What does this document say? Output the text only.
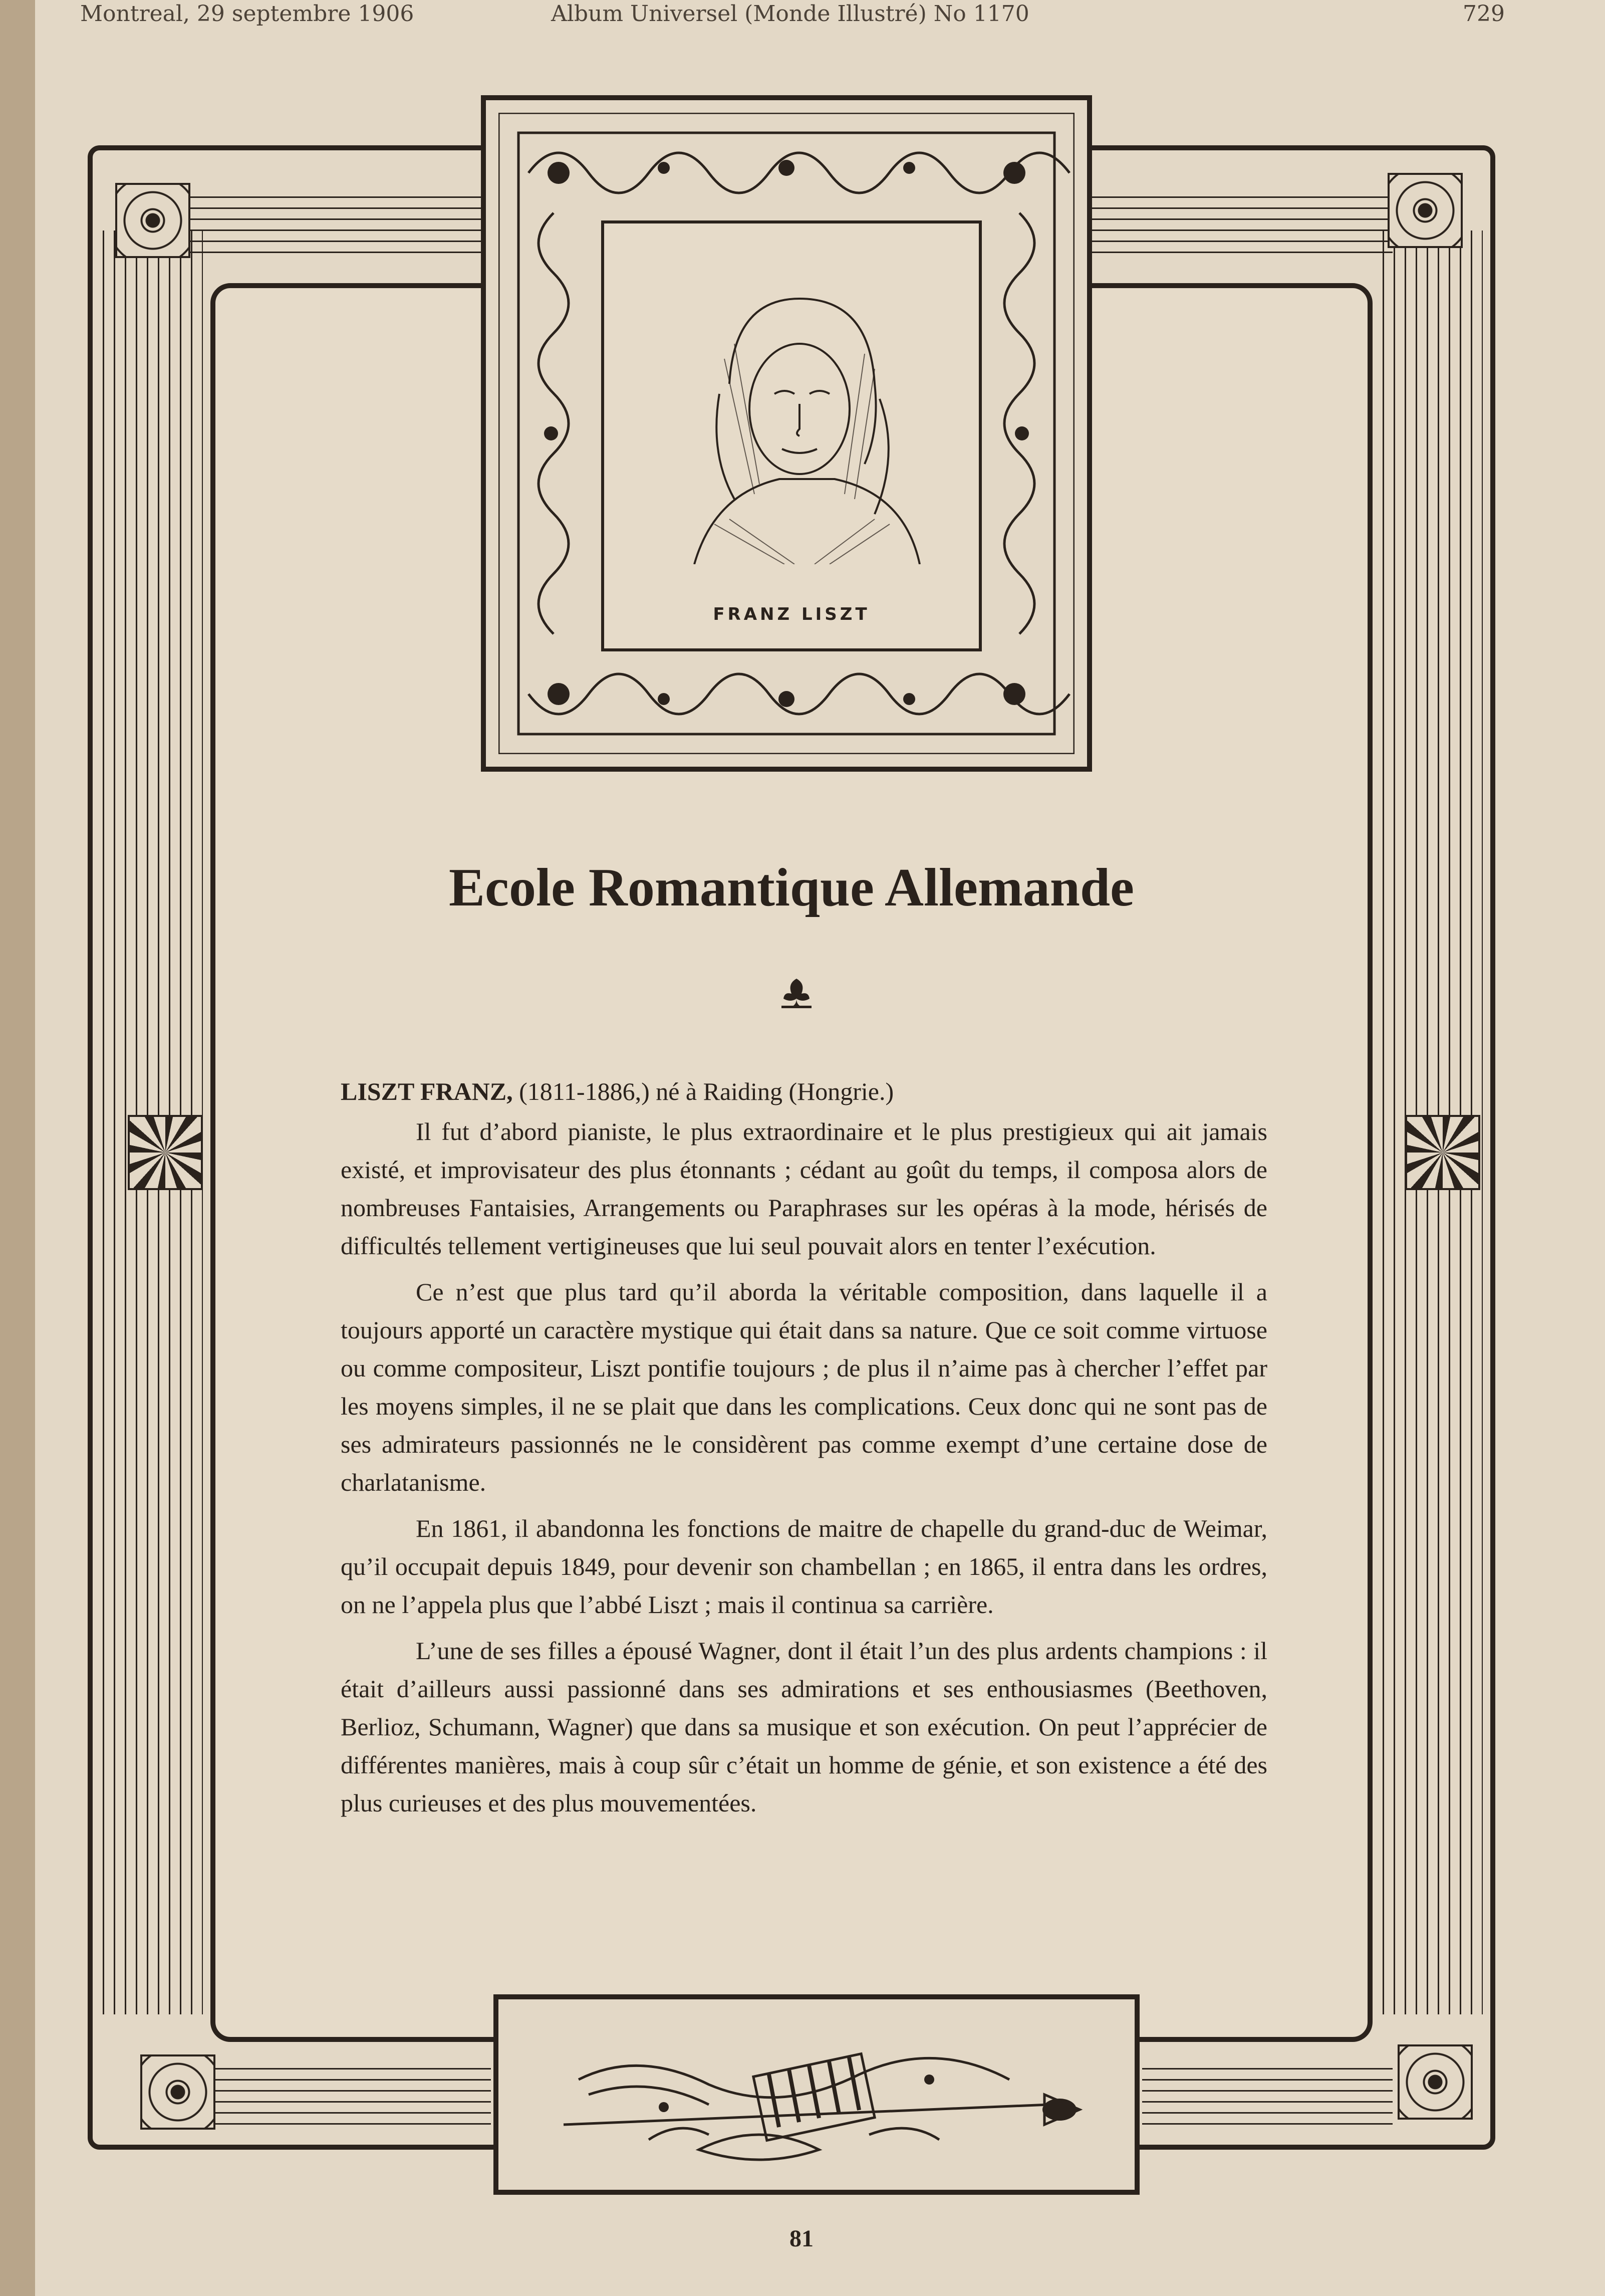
Montreal, 29 septembre 1906	Album Universel (Monde Illustré) No 1170	729
FRANZ LISZT
Ecole Romantique Allemande
LISZT FRANZ, (1811-1886,) né à Raiding (Hongrie.)

Il fut d’abord pianiste, le plus extraordinaire et le plus prestigieux qui ait jamais existé, et improvisateur des plus étonnants ; cédant au goût du temps, il composa alors de nombreuses Fantaisies, Arrangements ou Paraphrases sur les opéras à la mode, hérisés de difficultés tellement vertigineuses que lui seul pouvait alors en tenter l’exécution.

Ce n’est que plus tard qu’il aborda la véritable composition, dans laquelle il a toujours apporté un caractère mystique qui était dans sa nature. Que ce soit comme virtuose ou comme compositeur, Liszt pontifie toujours ; de plus il n’aime pas à chercher l’effet par les moyens simples, il ne se plait que dans les complications. Ceux donc qui ne sont pas de ses admirateurs passionnés ne le considèrent pas comme exempt d’une certaine dose de charlatanisme.

En 1861, il abandonna les fonctions de maitre de chapelle du grand-duc de Weimar, qu’il occupait depuis 1849, pour devenir son chambellan ; en 1865, il entra dans les ordres, on ne l’appela plus que l’abbé Liszt ; mais il continua sa carrière.

L’une de ses filles a épousé Wagner, dont il était l’un des plus ardents champions : il était d’ailleurs aussi passionné dans ses admirations et ses enthousiasmes (Beethoven, Berlioz, Schumann, Wagner) que dans sa musique et son exécution. On peut l’apprécier de différentes manières, mais à coup sûr c’était un homme de génie, et son existence a été des plus curieuses et des plus mouvementées.

81
